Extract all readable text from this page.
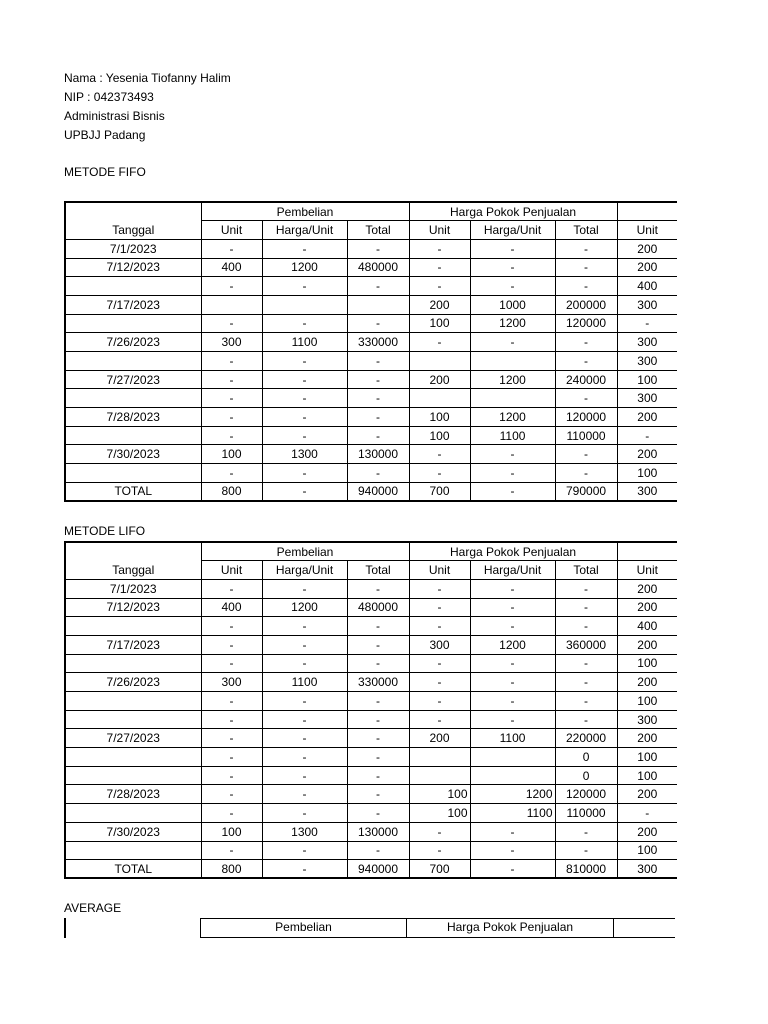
Nama : Yesenia Tiofanny Halim
NIP : 042373493
Administrasi Bisnis
UPBJJ Padang
METODE FIFO
	Pembelian			Harga Pokok Penjualan			
Tanggal	Unit	Harga/Unit	Total	Unit	Harga/Unit	Total	Unit
7/1/2023	-	-	-	-	-	-	200
7/12/2023	400	1200	480000	-	-	-	200
	-	-	-	-	-	-	400
7/17/2023				200	1000	200000	300
	-	-	-	100	1200	120000	-
7/26/2023	300	1100	330000	-	-	-	300
	-	-	-			-	300
7/27/2023	-	-	-	200	1200	240000	100
	-	-	-			-	300
7/28/2023	-	-	-	100	1200	120000	200
	-	-	-	100	1100	110000	-
7/30/2023	100	1300	130000	-	-	-	200
	-	-	-	-	-	-	100
TOTAL	800	-	940000	700	-	790000	300
METODE LIFO
	Pembelian			Harga Pokok Penjualan			
Tanggal	Unit	Harga/Unit	Total	Unit	Harga/Unit	Total	Unit
7/1/2023	-	-	-	-	-	-	200
7/12/2023	400	1200	480000	-	-	-	200
	-	-	-	-	-	-	400
7/17/2023	-	-	-	300	1200	360000	200
	-	-	-	-	-	-	100
7/26/2023	300	1100	330000	-	-	-	200
	-	-	-	-	-	-	100
	-	-	-	-	-	-	300
7/27/2023	-	-	-	200	1100	220000	200
	-	-	-			0	100
	-	-	-			0	100
7/28/2023	-	-	-	100	1200	120000	200
	-	-	-	100	1100	110000	-
7/30/2023	100	1300	130000	-	-	-	200
	-	-	-	-	-	-	100
TOTAL	800	-	940000	700	-	810000	300
AVERAGE
Pembelian	Harga Pokok Penjualan
